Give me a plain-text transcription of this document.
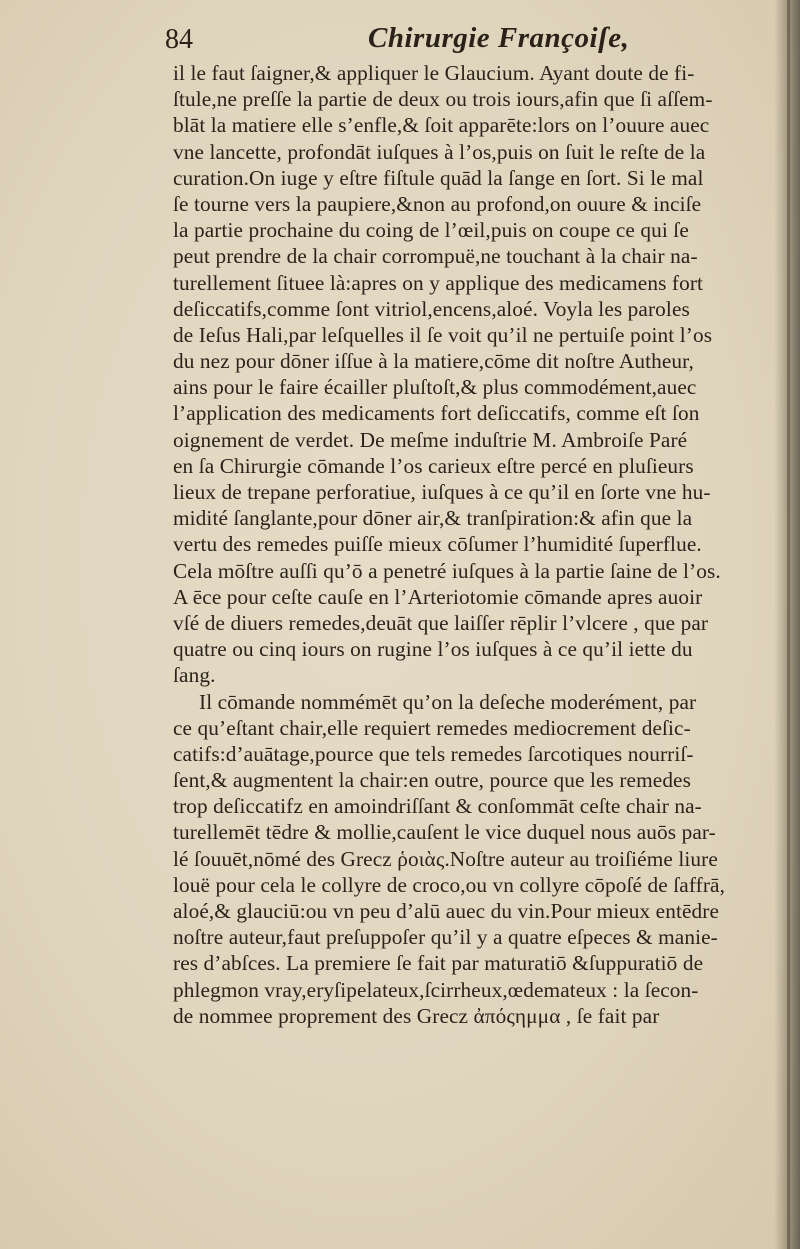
84	Chirurgie Françoiſe,
il le faut ſaigner,& appliquer le Glaucium. Ayant doute de fi-
ſtule,ne preſſe la partie de deux ou trois iours,afin que ſi aſſem-
blāt la matiere elle s’enfle,& ſoit apparēte:lors on l’ouure auec
vne lancette, profondāt iuſques à l’os,puis on ſuit le reſte de la
curation.On iuge y eſtre fiſtule quād la ſange en ſort. Si le mal
ſe tourne vers la paupiere,&non au profond,on ouure & inciſe
la partie prochaine du coing de l’œil,puis on coupe ce qui ſe
peut prendre de la chair corrompuë,ne touchant à la chair na-
turellement ſituee là:apres on y applique des medicamens fort
deſiccatifs,comme ſont vitriol,encens,aloé. Voyla les paroles
de Ieſus Hali,par leſquelles il ſe voit qu’il ne pertuiſe point l’os
du nez pour dōner iſſue à la matiere,cōme dit noſtre Autheur,
ains pour le faire écailler pluſtoſt,& plus commodément,auec
l’application des medicaments fort deſiccatifs, comme eſt ſon
oignement de verdet. De meſme induſtrie M. Ambroiſe Paré
en ſa Chirurgie cōmande l’os carieux eſtre percé en pluſieurs
lieux de trepane perforatiue, iuſques à ce qu’il en ſorte vne hu-
midité ſanglante,pour dōner air,& tranſpiration:& afin que la
vertu des remedes puiſſe mieux cōſumer l’humidité ſuperflue.
Cela mōſtre auſſi qu’ō a penetré iuſques à la partie ſaine de l’os.
A ēce pour ceſte cauſe en l’Arteriotomie cōmande apres auoir
vſé de diuers remedes,deuāt que laiſſer rēplir l’vlcere , que par
quatre ou cinq iours on rugine l’os iuſques à ce qu’il iette du
ſang.
Il cōmande nommémēt qu’on la deſeche moderément, par
ce qu’eſtant chair,elle requiert remedes mediocrement deſic-
catifs:d’auātage,pource que tels remedes ſarcotiques nourriſ-
ſent,& augmentent la chair:en outre, pource que les remedes
trop deſiccatifz en amoindriſſant & conſommāt ceſte chair na-
turellemēt tēdre & mollie,cauſent le vice duquel nous auōs par-
lé ſouuēt,nōmé des Grecz ῥοιὰς.Noſtre auteur au troiſiéme liure
louë pour cela le collyre de croco,ou vn collyre cōpoſé de ſaffrā,
aloé,& glauciū:ou vn peu d’alū auec du vin.Pour mieux entēdre
noſtre auteur,faut preſuppoſer qu’il y a quatre eſpeces & manie-
res d’abſces. La premiere ſe fait par maturatiō &ſuppuratiō de
phlegmon vray,eryſipelateux,ſcirrheux,œdemateux : la ſecon-
de nommee proprement des Grecz ἀπόςημμα , ſe fait par
